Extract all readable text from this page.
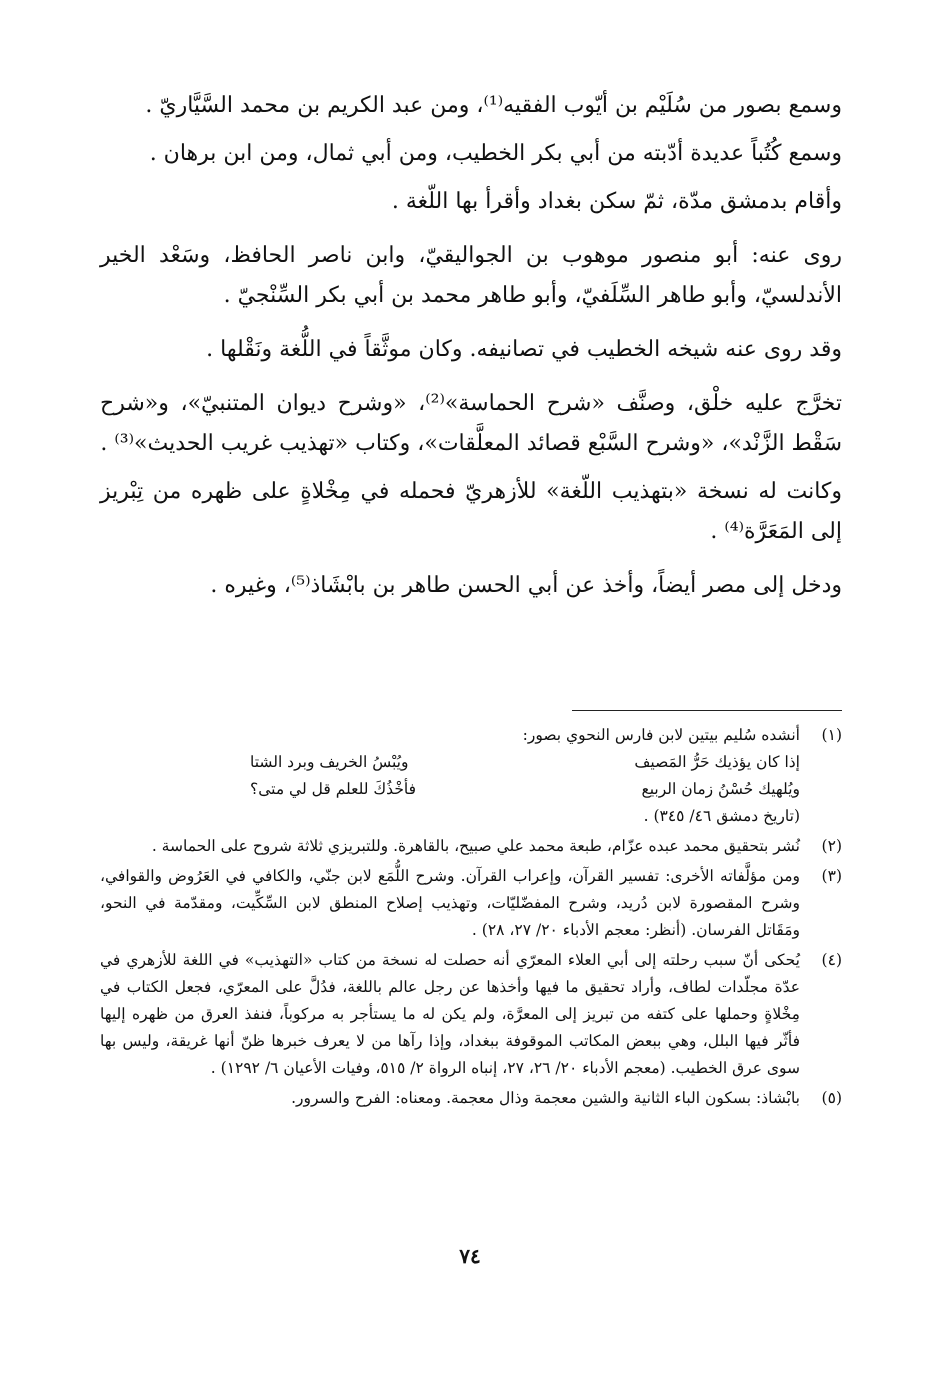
وسمع بصور من سُلَيْم بن أيّوب الفقيه⁽¹⁾، ومن عبد الكريم بن محمد السَّيَّاريّ .

وسمع كُتُباً عديدة أدّبته من أبي بكر الخطيب، ومن أبي ثمال، ومن ابن برهان .

وأقام بدمشق مدّة، ثمّ سكن بغداد وأقرأ بها اللّغة .

روى عنه: أبو منصور موهوب بن الجواليقيّ، وابن ناصر الحافظ، وسَعْد الخير الأندلسيّ، وأبو طاهر السِّلَفيّ، وأبو طاهر محمد بن أبي بكر السِّنْجيّ .

وقد روى عنه شيخه الخطيب في تصانيفه. وكان موثَّقاً في اللُّغة ونَقْلها .

تخرَّج عليه خلْق، وصنَّف «شرح الحماسة»⁽²⁾، «وشرح ديوان المتنبيّ»، و«شرح سَقْط الزَّنْد»، «وشرح السَّبْع قصائد المعلَّقات»، وكتاب «تهذيب غريب الحديث»⁽³⁾ .

وكانت له نسخة «بتهذيب اللّغة» للأزهريّ فحمله في مِخْلاةٍ على ظهره من تِبْريز إلى المَعَرَّة⁽⁴⁾ .

ودخل إلى مصر أيضاً، وأخذ عن أبي الحسن طاهر بن بابْشَاذ⁽⁵⁾، وغيره .

(١)
أنشده سُليم بيتين لابن فارس النحوي بصور:
إذا كان يؤذيك حَرُّ المَصيف
ويُبْسُ الخريف وبرد الشتا
ويُلهيك حُسْنُ زمان الربيع
فأخْذُكَ للعلم قل لي متى؟
(تاريخ دمشق ٤٦/ ٣٤٥) .
(٢)
نُشر بتحقيق محمد عبده عزّام، طبعة محمد علي صبيح، بالقاهرة. وللتبريزي ثلاثة شروح على الحماسة .
(٣)
ومن مؤلَّفاته الأخرى: تفسير القرآن، وإعراب القرآن. وشرح اللُّمَع لابن جنّي، والكافي في العَرُوض والقوافي، وشرح المقصورة لابن دُريد، وشرح المفضّليّات، وتهذيب إصلاح المنطق لابن السِّكِّيت، ومقدّمة في النحو، ومَقَاتل الفرسان. (أنظر: معجم الأدباء ٢٠/ ٢٧، ٢٨) .
(٤)
يُحكى أنّ سبب رحلته إلى أبي العلاء المعرّي أنه حصلت له نسخة من كتاب «التهذيب» في اللغة للأزهري في عدّة مجلّدات لطاف، وأراد تحقيق ما فيها وأخذها عن رجل عالم باللغة، فدُلَّ على المعرّي، فجعل الكتاب في مِخْلاةٍ وحملها على كتفه من تبريز إلى المعرَّة، ولم يكن له ما يستأجر به مركوباً، فنفذ العرق من ظهره إليها فأثّر فيها البلل، وهي ببعض المكاتب الموقوفة ببغداد، وإذا رآها من لا يعرف خبرها ظنّ أنها غريقة، وليس بها سوى عرق الخطيب. (معجم الأدباء ٢٠/ ٢٦، ٢٧، إنباه الرواة ٢/ ٥١٥، وفيات الأعيان ٦/ ١٢٩٢) .
(٥)
بابْشاذ: بسكون الباء الثانية والشين معجمة وذال معجمة. ومعناه: الفرح والسرور.
٧٤
